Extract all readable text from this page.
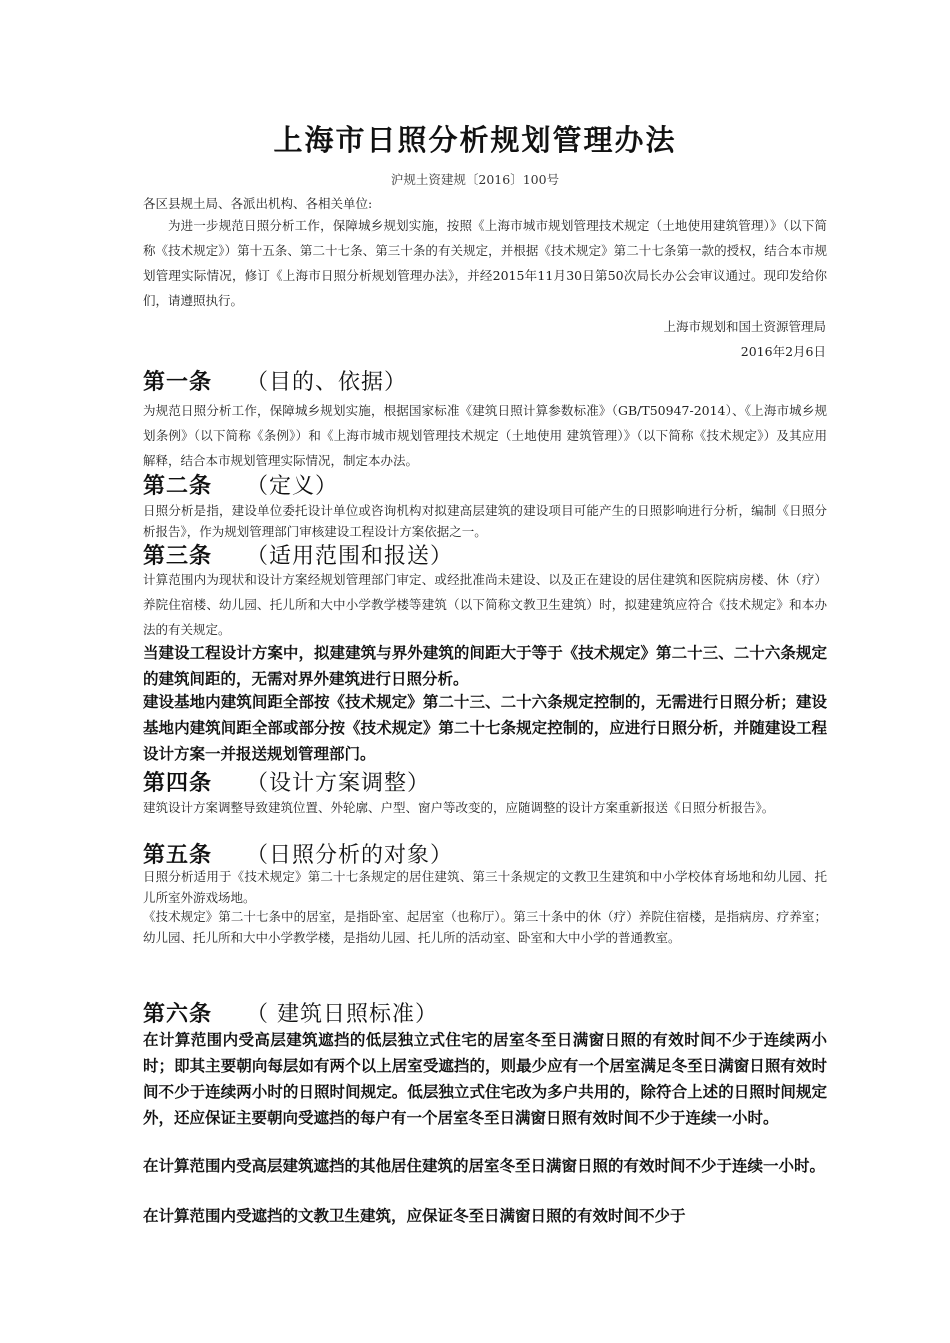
上海市日照分析规划管理办法
沪规土资建规〔2016〕100号
各区县规土局、各派出机构、各相关单位:
为进一步规范日照分析工作，保障城乡规划实施，按照《上海市城市规划管理技术规定（土地使用建筑管理）》（以下简称《技术规定》）第十五条、第二十七条、第三十条的有关规定，并根据《技术规定》第二十七条第一款的授权，结合本市规划管理实际情况，修订《上海市日照分析规划管理办法》，并经2015年11月30日第50次局长办公会审议通过。现印发给你们，请遵照执行。
上海市规划和国土资源管理局
2016年2月6日
第一条 （目的、依据）
为规范日照分析工作，保障城乡规划实施，根据国家标准《建筑日照计算参数标准》（GB/T50947-2014）、《上海市城乡规划条例》（以下简称《条例》）和《上海市城市规划管理技术规定（土地使用 建筑管理）》（以下简称《技术规定》）及其应用解释，结合本市规划管理实际情况，制定本办法。
第二条 （定义）
日照分析是指，建设单位委托设计单位或咨询机构对拟建高层建筑的建设项目可能产生的日照影响进行分析，编制《日照分析报告》，作为规划管理部门审核建设工程设计方案依据之一。
第三条 （适用范围和报送）
计算范围内为现状和设计方案经规划管理部门审定、或经批准尚未建设、以及正在建设的居住建筑和医院病房楼、休（疗）养院住宿楼、幼儿园、托儿所和大中小学教学楼等建筑（以下简称文教卫生建筑）时，拟建建筑应符合《技术规定》和本办法的有关规定。
当建设工程设计方案中，拟建建筑与界外建筑的间距大于等于《技术规定》第二十三、二十六条规定的建筑间距的，无需对界外建筑进行日照分析。
建设基地内建筑间距全部按《技术规定》第二十三、二十六条规定控制的，无需进行日照分析；建设基地内建筑间距全部或部分按《技术规定》第二十七条规定控制的，应进行日照分析，并随建设工程设计方案一并报送规划管理部门。
第四条 （设计方案调整）
建筑设计方案调整导致建筑位置、外轮廓、户型、窗户等改变的，应随调整的设计方案重新报送《日照分析报告》。
第五条 （日照分析的对象）
日照分析适用于《技术规定》第二十七条规定的居住建筑、第三十条规定的文教卫生建筑和中小学校体育场地和幼儿园、托儿所室外游戏场地。
《技术规定》第二十七条中的居室，是指卧室、起居室（也称厅）。第三十条中的休（疗）养院住宿楼，是指病房、疗养室；幼儿园、托儿所和大中小学教学楼，是指幼儿园、托儿所的活动室、卧室和大中小学的普通教室。
第六条 （ 建筑日照标准）
在计算范围内受高层建筑遮挡的低层独立式住宅的居室冬至日满窗日照的有效时间不少于连续两小时；即其主要朝向每层如有两个以上居室受遮挡的，则最少应有一个居室满足冬至日满窗日照有效时间不少于连续两小时的日照时间规定。低层独立式住宅改为多户共用的，除符合上述的日照时间规定外，还应保证主要朝向受遮挡的每户有一个居室冬至日满窗日照有效时间不少于连续一小时。
在计算范围内受高层建筑遮挡的其他居住建筑的居室冬至日满窗日照的有效时间不少于连续一小时。
在计算范围内受遮挡的文教卫生建筑，应保证冬至日满窗日照的有效时间不少于
